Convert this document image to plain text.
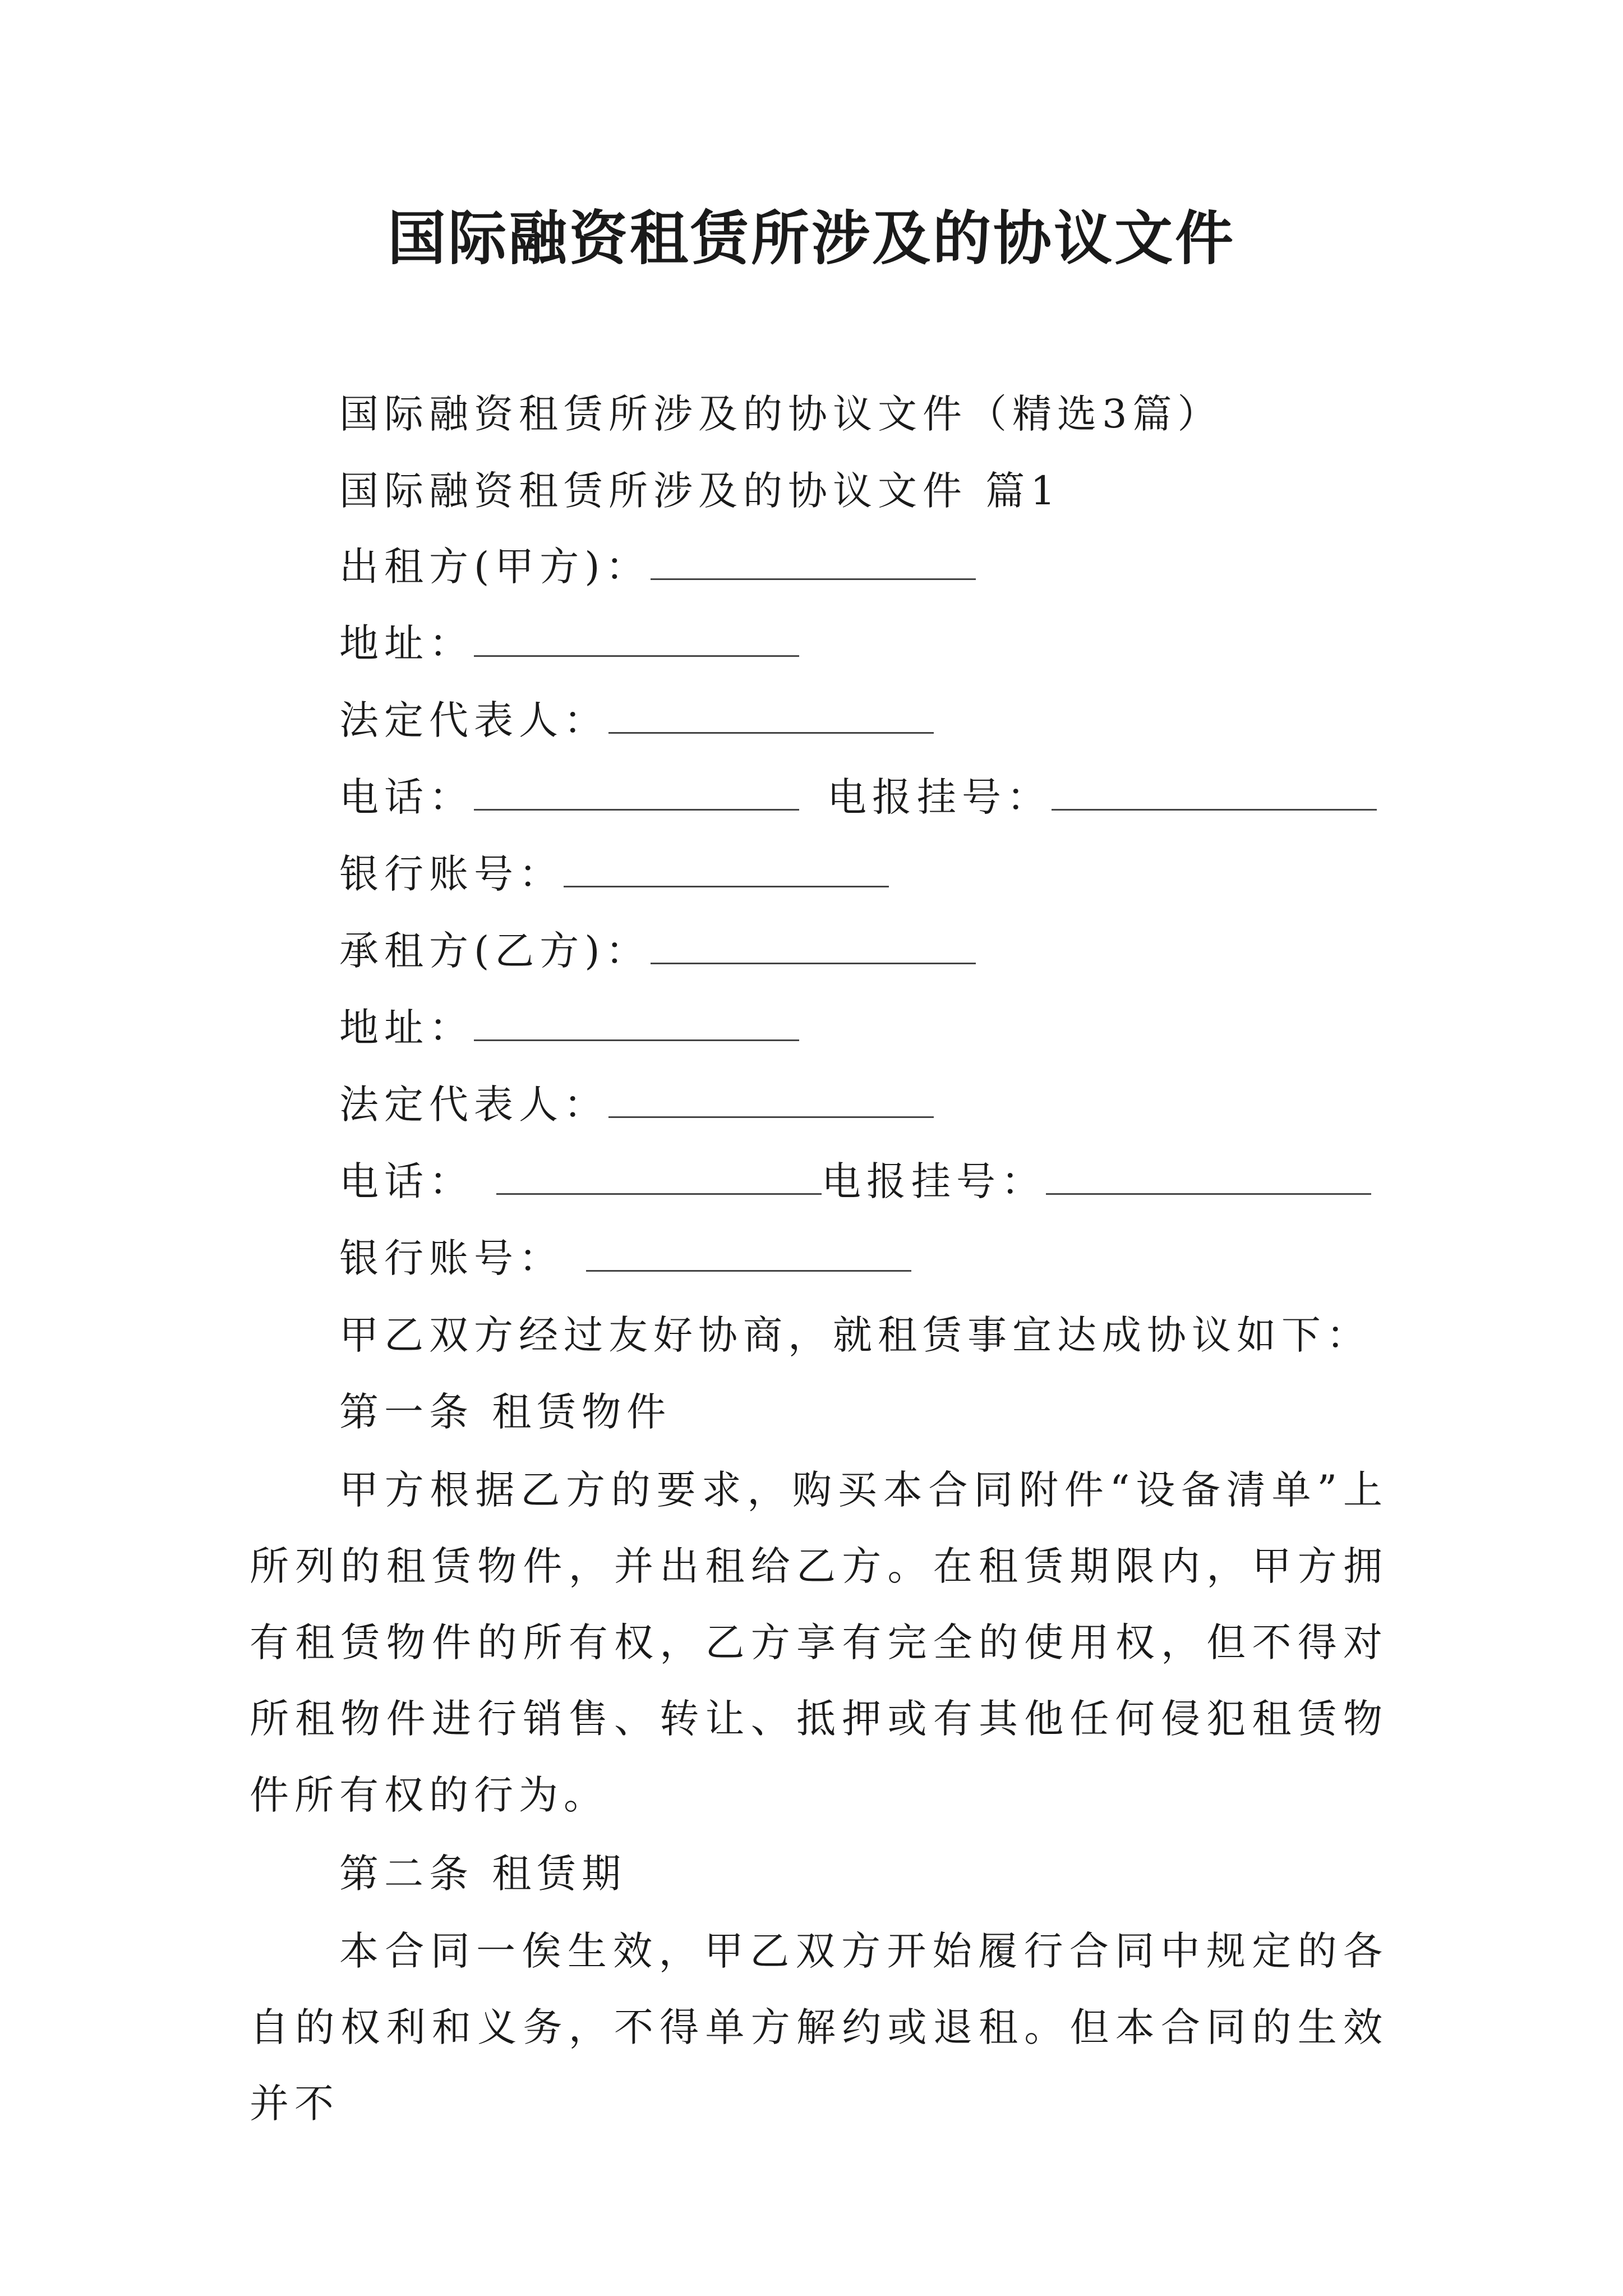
国际融资租赁所涉及的协议文件
国际融资租赁所涉及的协议文件（精选3篇）
国际融资租赁所涉及的协议文件 篇1
出租方(甲方)：
地址：
法定代表人：
电话：	电报挂号：
银行账号：
承租方(乙方)：
地址：
法定代表人：
电话：	电报挂号：
银行账号：
甲乙双方经过友好协商，就租赁事宜达成协议如下：
第一条 租赁物件
甲方根据乙方的要求，购买本合同附件“设备清单”上所列的租赁物件，并出租给乙方。在租赁期限内，甲方拥有租赁物件的所有权，乙方享有完全的使用权，但不得对所租物件进行销售、转让、抵押或有其他任何侵犯租赁物件所有权的行为。
第二条 租赁期
本合同一俟生效，甲乙双方开始履行合同中规定的各自的权利和义务，不得单方解约或退租。但本合同的生效并不
